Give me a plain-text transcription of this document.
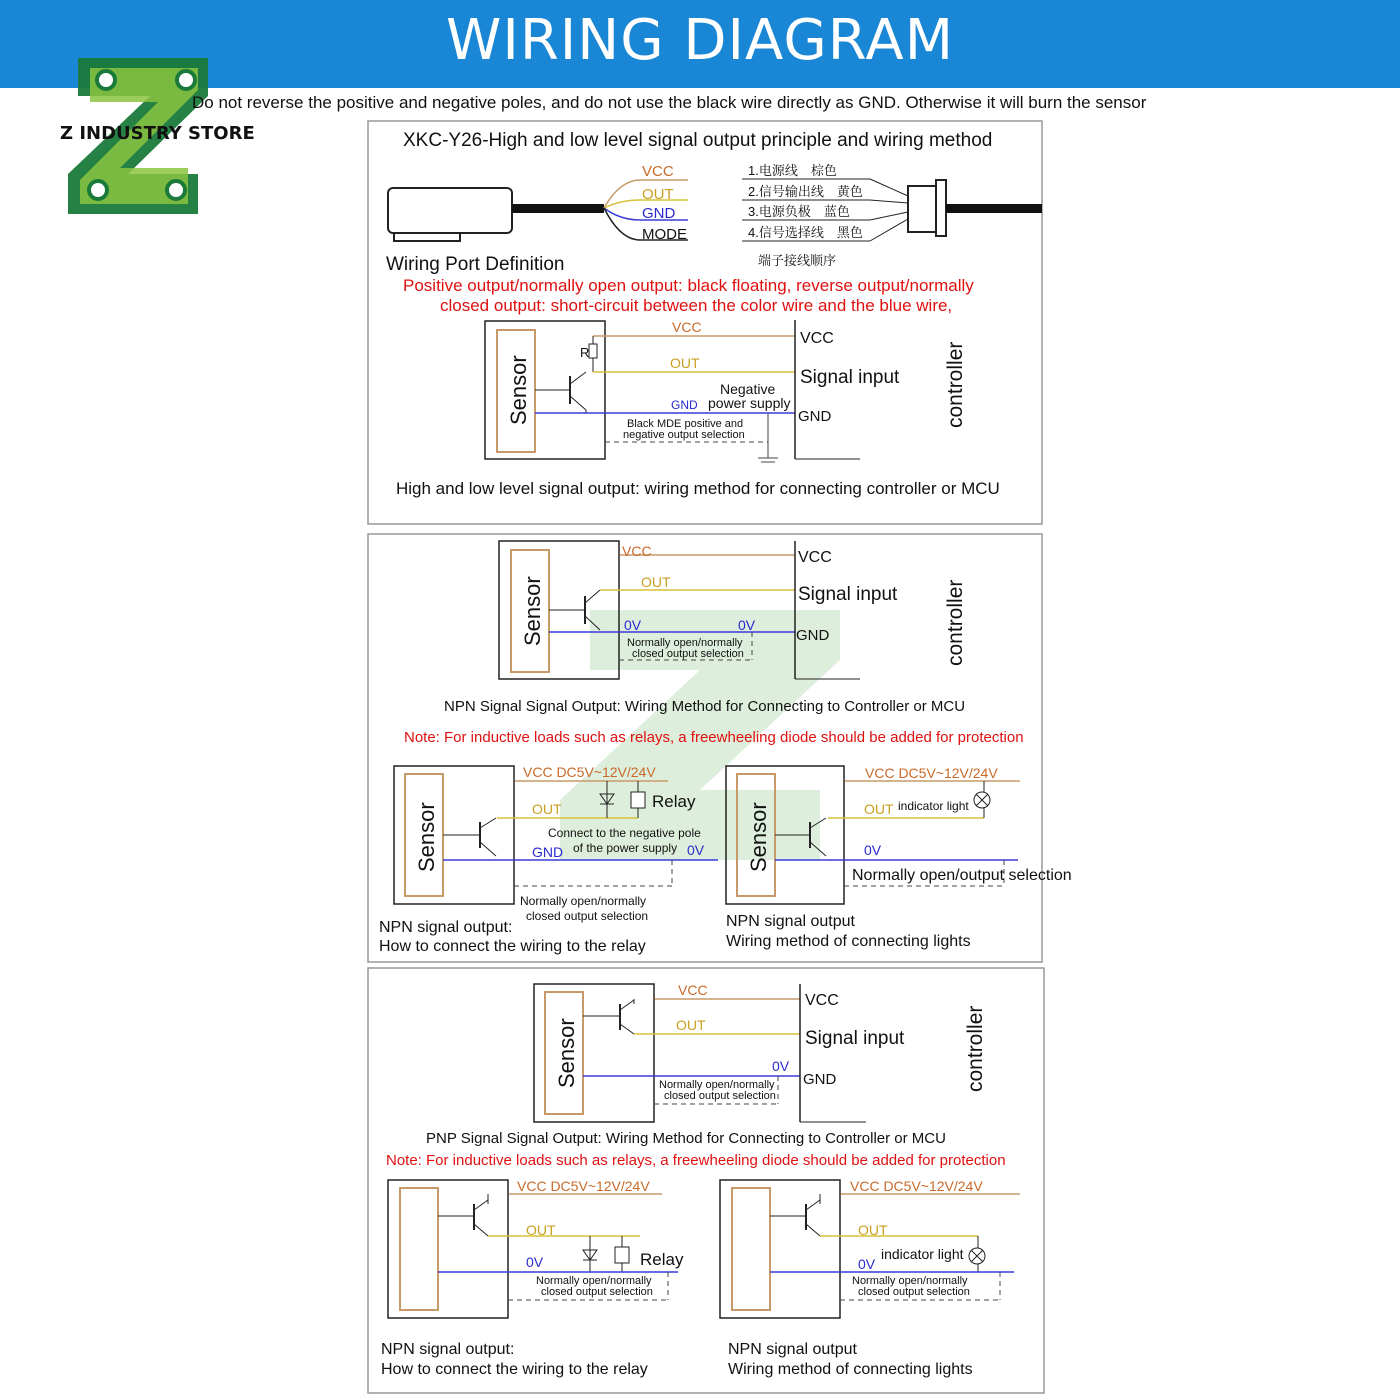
WIRING DIAGRAM
Z INDUSTRY STORE
Do not reverse the positive and negative poles, and do not use the black wire directly as GND. Otherwise it will burn the sensor
XKC-Y26-High and low level signal output principle and wiring method
VCC
OUT
GND
MODE
1.电源线　棕色
2.信号输出线　黄色
3.电源负极　蓝色
4.信号选择线　黑色
端子接线顺序
Wiring Port Definition
Positive output/normally open output: black floating, reverse output/normally
closed output: short-circuit between the color wire and the blue wire,
Sensor
R
VCC
OUT
GND
Negative
power supply
Black MDE positive and
negative output selection
VCC
Signal input
GND	controller
High and low level signal output: wiring method for connecting controller or MCU
Sensor
VCC
OUT
0V	0V
Normally open/normally
closed output selection
VCC
Signal input
GND	controller
NPN Signal Signal Output: Wiring Method for Connecting to Controller or MCU
Note: For inductive loads such as relays, a freewheeling diode should be added for protection
Sensor
VCC DC5V~12V/24V
OUT	Relay
Connect to the negative pole
of the power supply
GND	0V
Normally open/normally
closed output selection
NPN signal output:
How to connect the wiring to the relay
Sensor
VCC DC5V~12V/24V
OUT indicator light
0V
Normally open/output selection
NPN signal output
Wiring method of connecting lights
Sensor
VCC
OUT
0V
Normally open/normally
closed output selection
VCC
Signal input
GND	controller
PNP Signal Signal Output: Wiring Method for Connecting to Controller or MCU
Note: For inductive loads such as relays, a freewheeling diode should be added for protection
VCC DC5V~12V/24V
OUT
0V	Relay
Normally open/normally
closed output selection
NPN signal output:
How to connect the wiring to the relay
VCC DC5V~12V/24V
OUT
0V
indicator light
Normally open/normally
closed output selection
NPN signal output
Wiring method of connecting lights
